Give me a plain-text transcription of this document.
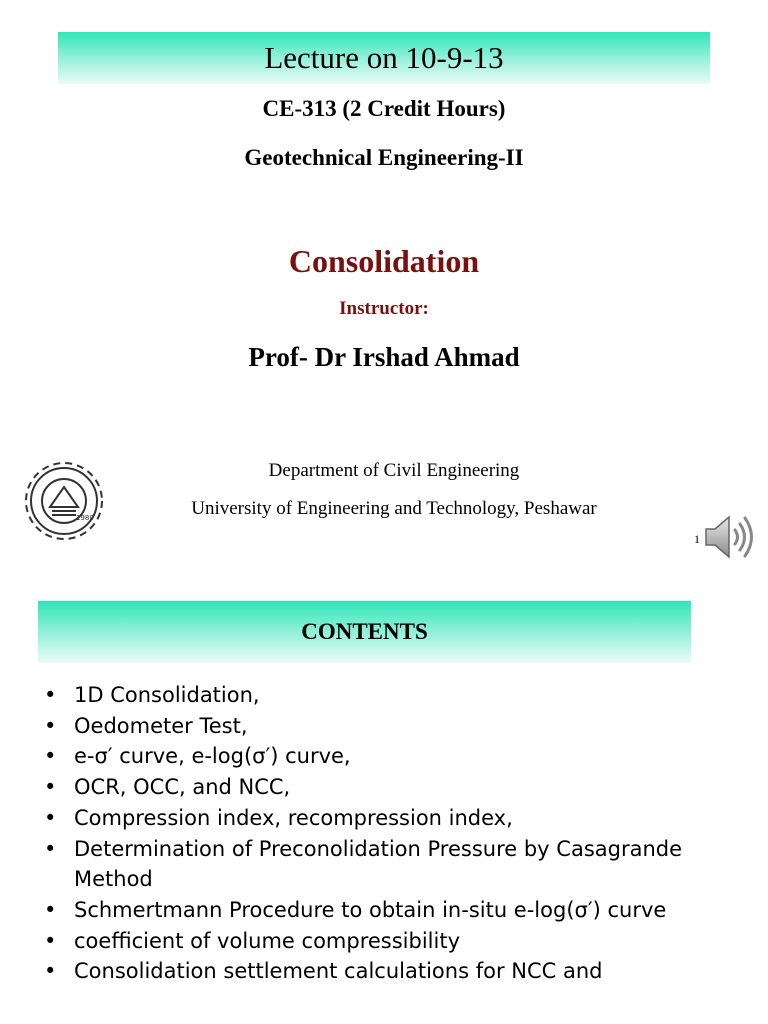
Lecture on 10-9-13
CE-313 (2 Credit Hours)
Geotechnical Engineering-II
Consolidation
Instructor:
Prof- Dr Irshad Ahmad
1980
Department of Civil Engineering
University of Engineering and Technology, Peshawar
1
CONTENTS
• 1D Consolidation,
• Oedometer Test,
• e-σ′ curve, e-log(σ′) curve,
• OCR, OCC, and NCC,
• Compression index, recompression index,
• Determination of Preconolidation Pressure by Casagrande Method
• Schmertmann Procedure to obtain in-situ e-log(σ′) curve
• coefficient of volume compressibility
• Consolidation settlement calculations for NCC and
